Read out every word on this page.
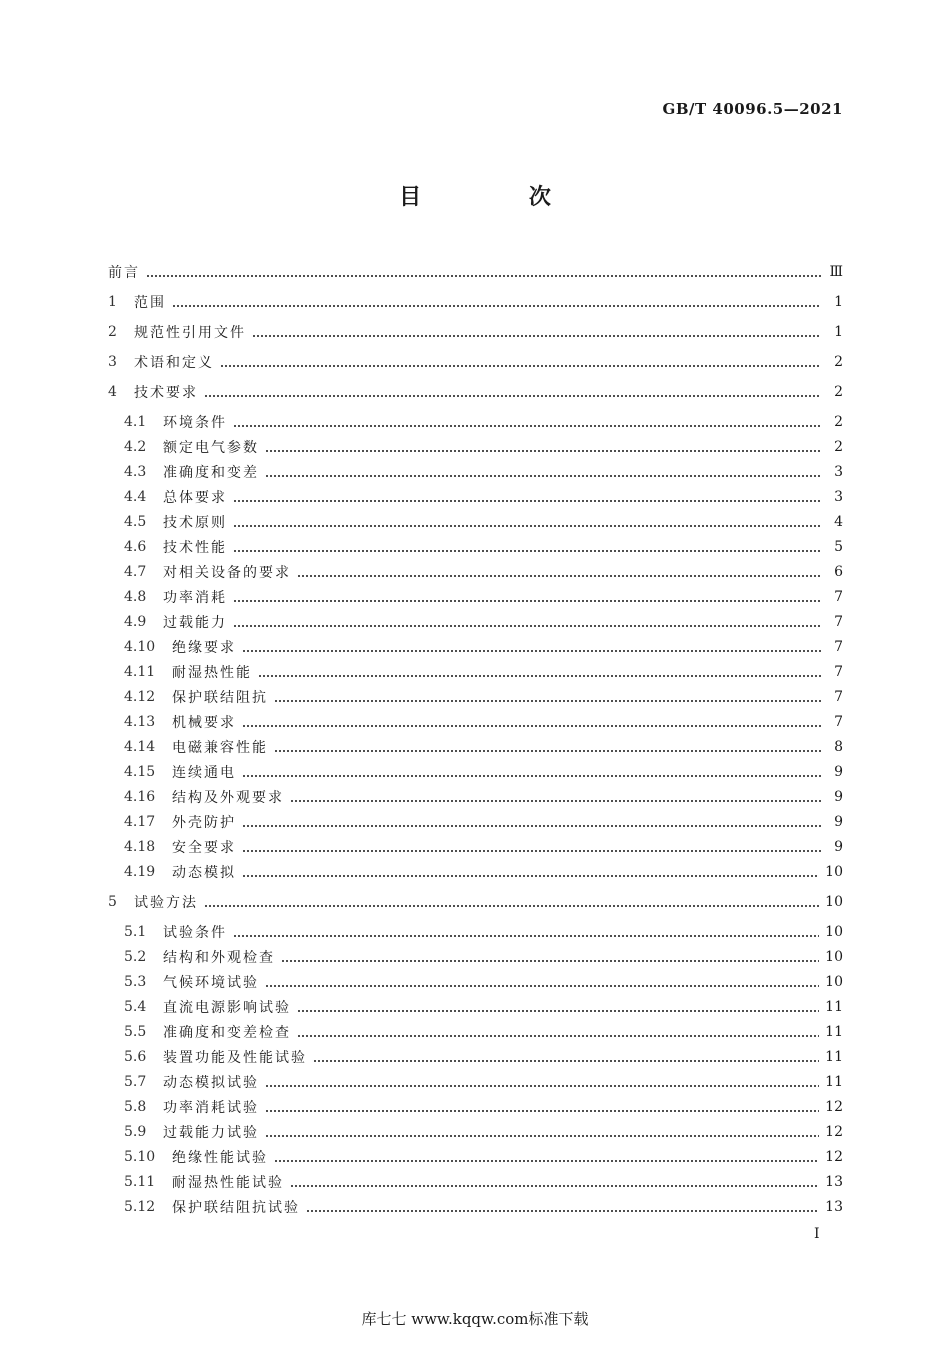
GB/T 40096.5—2021
目 次
前言	Ⅲ
1	范围	1
2	规范性引用文件	1
3	术语和定义	2
4	技术要求	2
4.1	环境条件	2
4.2	额定电气参数	2
4.3	准确度和变差	3
4.4	总体要求	3
4.5	技术原则	4
4.6	技术性能	5
4.7	对相关设备的要求	6
4.8	功率消耗	7
4.9	过载能力	7
4.10	绝缘要求	7
4.11	耐湿热性能	7
4.12	保护联结阻抗	7
4.13	机械要求	7
4.14	电磁兼容性能	8
4.15	连续通电	9
4.16	结构及外观要求	9
4.17	外壳防护	9
4.18	安全要求	9
4.19	动态模拟	10
5	试验方法	10
5.1	试验条件	10
5.2	结构和外观检查	10
5.3	气候环境试验	10
5.4	直流电源影响试验	11
5.5	准确度和变差检查	11
5.6	装置功能及性能试验	11
5.7	动态模拟试验	11
5.8	功率消耗试验	12
5.9	过载能力试验	12
5.10	绝缘性能试验	12
5.11	耐湿热性能试验	13
5.12	保护联结阻抗试验	13
I
库七七 www.kqqw.com标准下载
